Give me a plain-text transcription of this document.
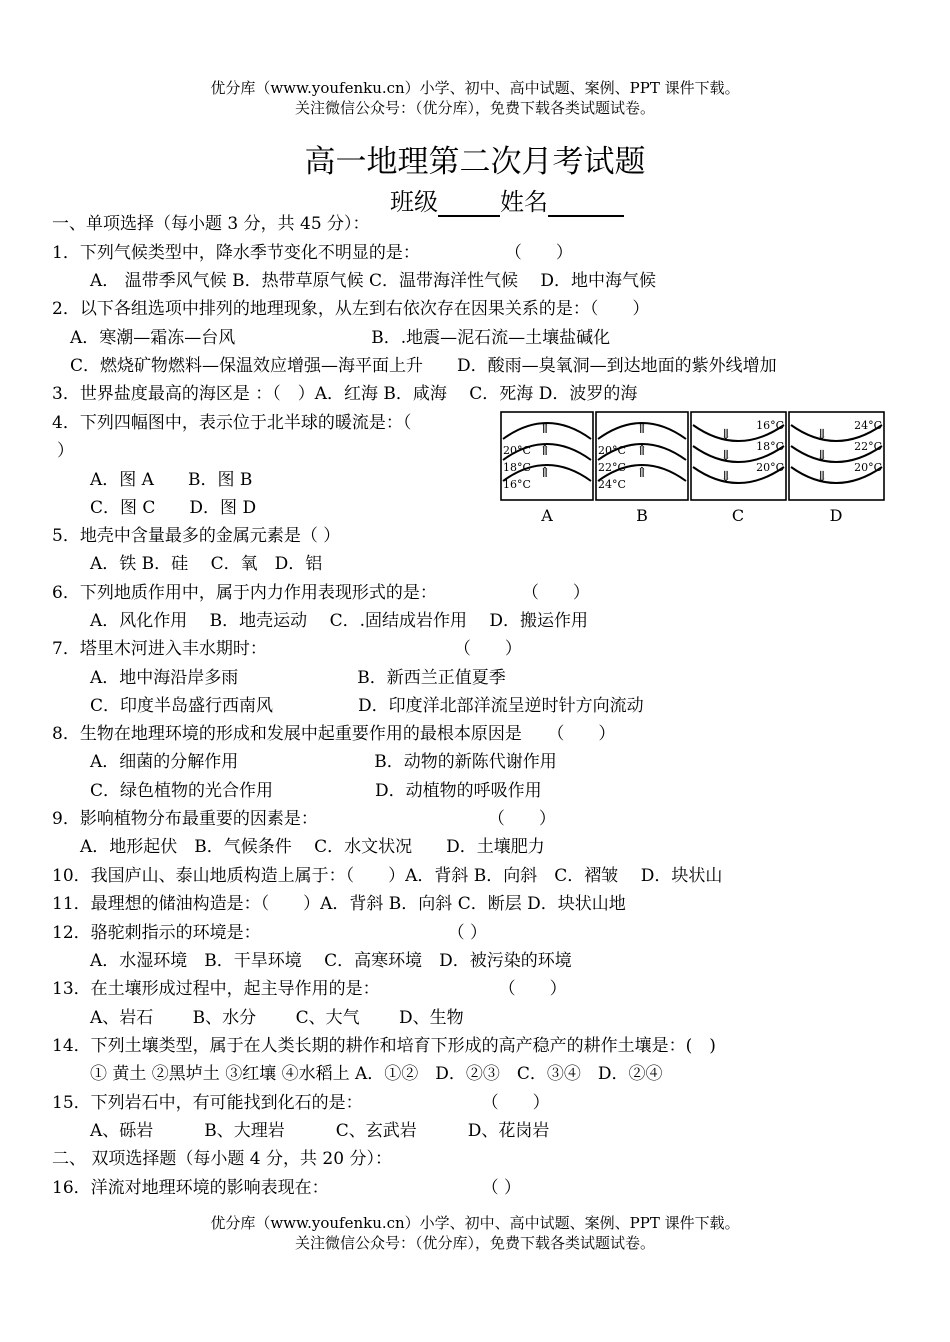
优分库（www.youfenku.cn）小学、初中、高中试题、案例、PPT 课件下载。
关注微信公众号：（优分库），免费下载各类试题试卷。
高一地理第二次月考试题
班级	姓名
一、单项选择（每小题 3 分，共 45 分）：
1．下列气候类型中，降水季节变化不明显的是：　　　　　　（　　）
A． 温带季风气候 B．热带草原气候 C．温带海洋性气候　 D．地中海气候
2．以下各组选项中排列的地理现象，从左到右依次存在因果关系的是：（　　）
A．寒潮—霜冻—台风　　　　　　　　B．.地震—泥石流—土壤盐碱化
C．燃烧矿物燃料—保温效应增强—海平面上升　　D．酸雨—臭氧洞—到达地面的紫外线增加
3．世界盐度最高的海区是 ：（　）A．红海 B．咸海　 C．死海 D．波罗的海
4．下列四幅图中，表示位于北半球的暖流是：（
）
A．图 A　　B．图 B
C．图 C　　D．图 D
5．地壳中含量最多的金属元素是（ ）
A．铁 B．硅　 C．氧　D．铝
6．下列地质作用中，属于内力作用表现形式的是：　　　　　　（　　）
A．风化作用　 B．地壳运动　 C．.固结成岩作用　 D．搬运作用
7．塔里木河进入丰水期时：　　　　　　　　　　　　（　　）
A．地中海沿岸多雨　　　　　　　B．新西兰正值夏季
C．印度半岛盛行西南风　　　　　D．印度洋北部洋流呈逆时针方向流动
8．生物在地理环境的形成和发展中起重要作用的最根本原因是　　（　　）
A．细菌的分解作用　　　　　　　　B．动物的新陈代谢作用
C．绿色植物的光合作用　　　　　　D．动植物的呼吸作用
9．影响植物分布最重要的因素是：　　　　　　　　　　　（　　）
A．地形起伏　B．气候条件　 C．水文状况　　D．土壤肥力
10．我国庐山、泰山地质构造上属于：（　　）A．背斜 B．向斜　C．褶皱　 D．块状山
11．最理想的储油构造是：（　　）A．背斜 B．向斜 C．断层 D．块状山地
12．骆驼刺指示的环境是：　　　　　　　　　　　　（ ）
A．水湿环境　B．干旱环境　 C．高寒环境　D．被污染的环境
13．在土壤形成过程中，起主导作用的是：　　　　　　　　（　　）
A、岩石　　 B、水分　　 C、大气　　 D、生物
14．下列土壤类型，属于在人类长期的耕作和培育下形成的高产稳产的耕作土壤是：(　)
① 黄土 ②黑垆土 ③红壤 ④水稻上 A．①②　D．②③　C．③④　D．②④
15．下列岩石中，有可能找到化石的是：　　　　　　　　（　　）
A、砾岩　　　B、大理岩　　　C、玄武岩　　　D、花岗岩
二、 双项选择题（每小题 4 分，共 20 分）：
16．洋流对地理环境的影响表现在：　　　　　　　　　　（ ）
20°C
18°C
16°C
⇑
⇑
⇑
A
20°C
22°C
24°C
⇑
⇑
⇑
B
16°C
18°C
20°C
⇓
⇓
⇓
C
24°C
22°C
20°C
⇓
⇓
⇓
D
优分库（www.youfenku.cn）小学、初中、高中试题、案例、PPT 课件下载。
关注微信公众号：（优分库），免费下载各类试题试卷。
